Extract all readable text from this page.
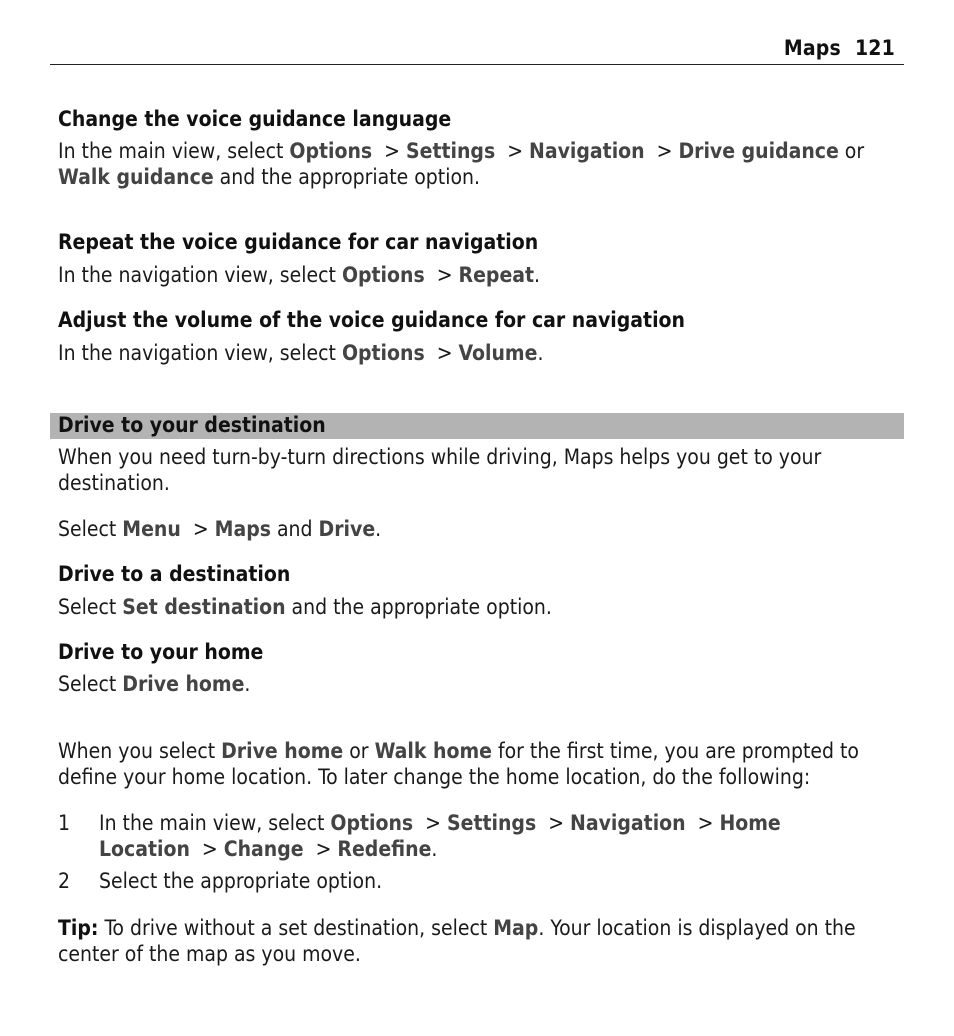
Maps 121
Change the voice guidance language
In the main view, select Options  > Settings  > Navigation  > Drive guidance or
Walk guidance and the appropriate option.
Repeat the voice guidance for car navigation
In the navigation view, select Options  > Repeat.
Adjust the volume of the voice guidance for car navigation
In the navigation view, select Options  > Volume.
Drive to your destination
When you need turn-by-turn directions while driving, Maps helps you get to your destination.
Select Menu  > Maps and Drive.
Drive to a destination
Select Set destination and the appropriate option.
Drive to your home
Select Drive home.
When you select Drive home or Walk home for the first time, you are prompted to define your home location. To later change the home location, do the following:
1	In the main view, select Options  > Settings  > Navigation  > Home Location  > Change  > Redefine.
2	Select the appropriate option.
Tip: To drive without a set destination, select Map. Your location is displayed on the center of the map as you move.
